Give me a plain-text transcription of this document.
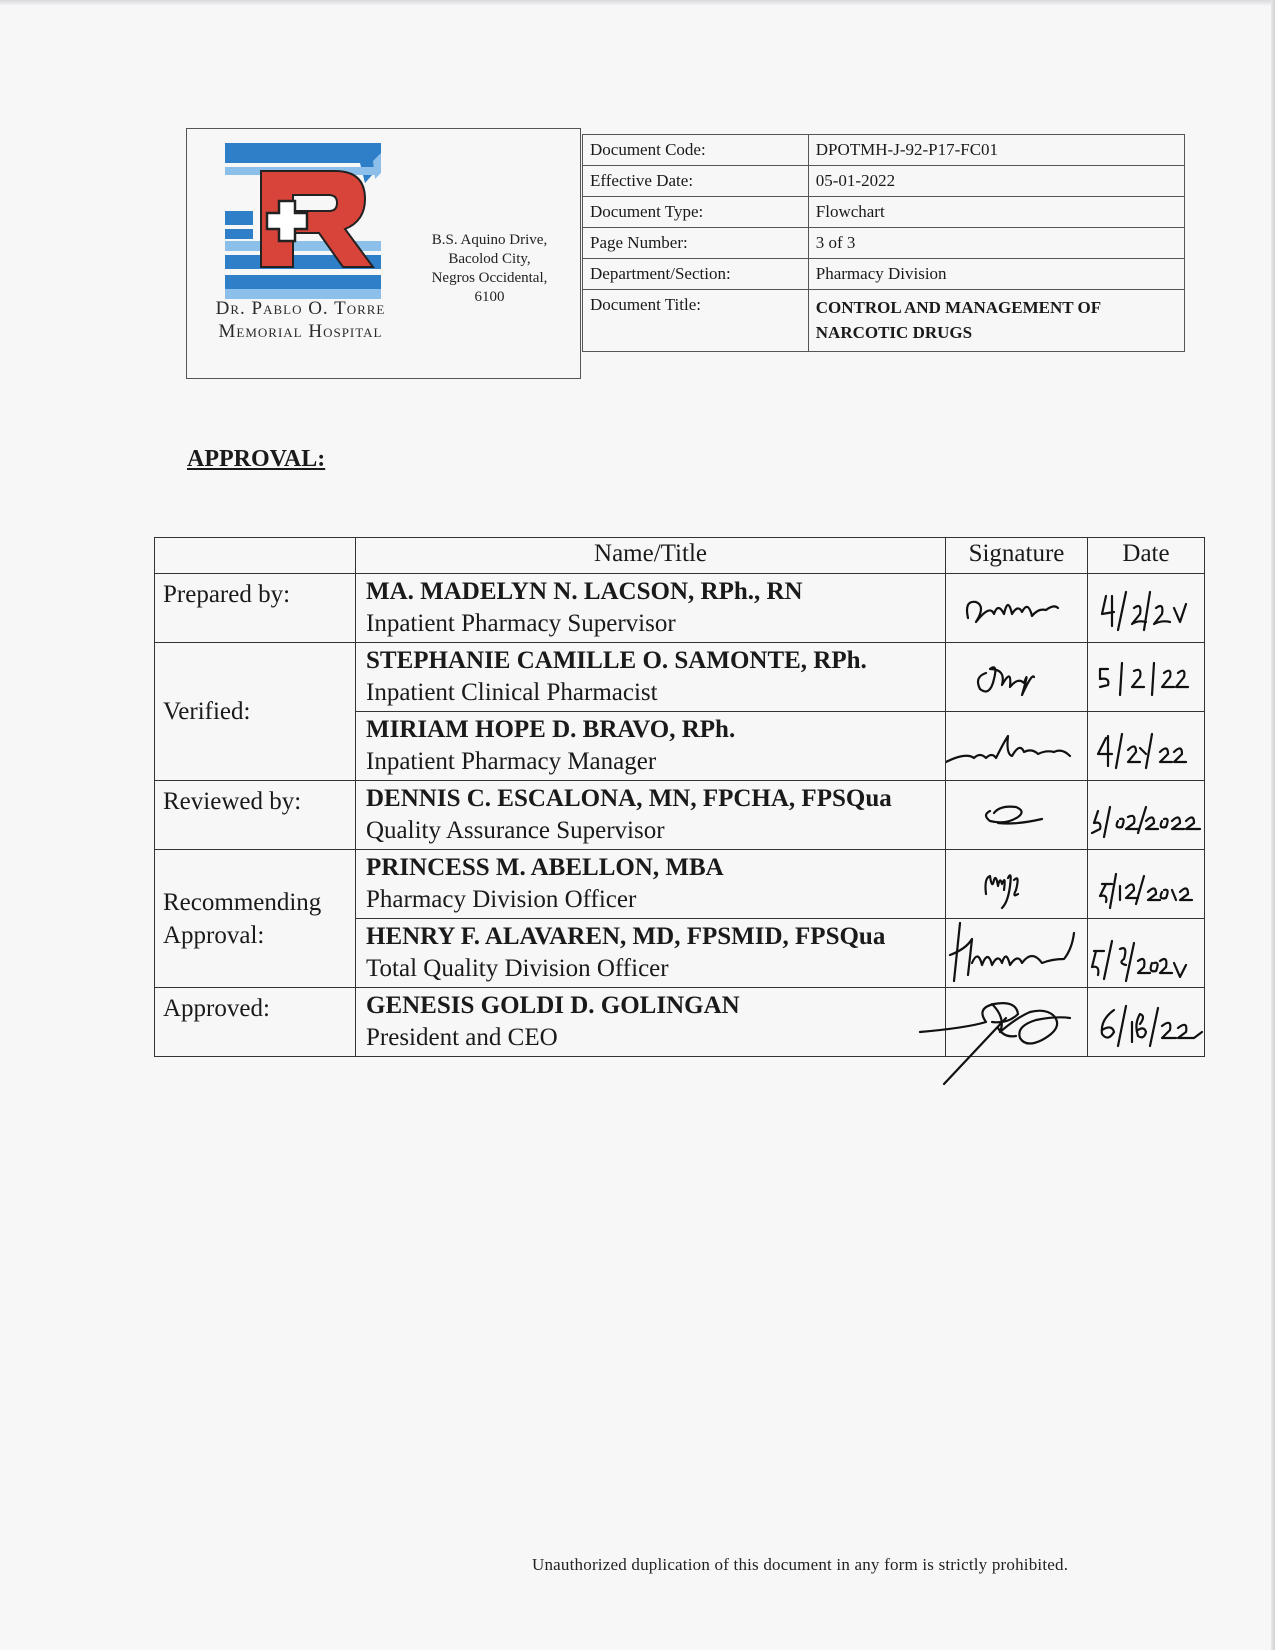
Dr. Pablo O. Torre
Memorial Hospital
B.S. Aquino Drive,
Bacolod City,
Negros Occidental,
6100
Document Code:	DPOTMH-J-92-P17-FC01
Effective Date:	05-01-2022
Document Type:	Flowchart
Page Number:	3 of 3
Department/Section:	Pharmacy Division
Document Title:	CONTROL AND MANAGEMENT OF NARCOTIC DRUGS
APPROVAL:
	Name/Title	Signature	Date
Prepared by:	MA. MADELYN N. LACSON, RPh., RN
Inpatient Pharmacy Supervisor

Verified:	STEPHANIE CAMILLE O. SAMONTE, RPh.
Inpatient Clinical Pharmacist

	MIRIAM HOPE D. BRAVO, RPh.
Inpatient Pharmacy Manager

Reviewed by:	DENNIS C. ESCALONA, MN, FPCHA, FPSQua
Quality Assurance Supervisor

Recommending Approval:	PRINCESS M. ABELLON, MBA
Pharmacy Division Officer

	HENRY F. ALAVAREN, MD, FPSMID, FPSQua
Total Quality Division Officer

Approved:	GENESIS GOLDI D. GOLINGAN
President and CEO

Unauthorized duplication of this document in any form is strictly prohibited.
